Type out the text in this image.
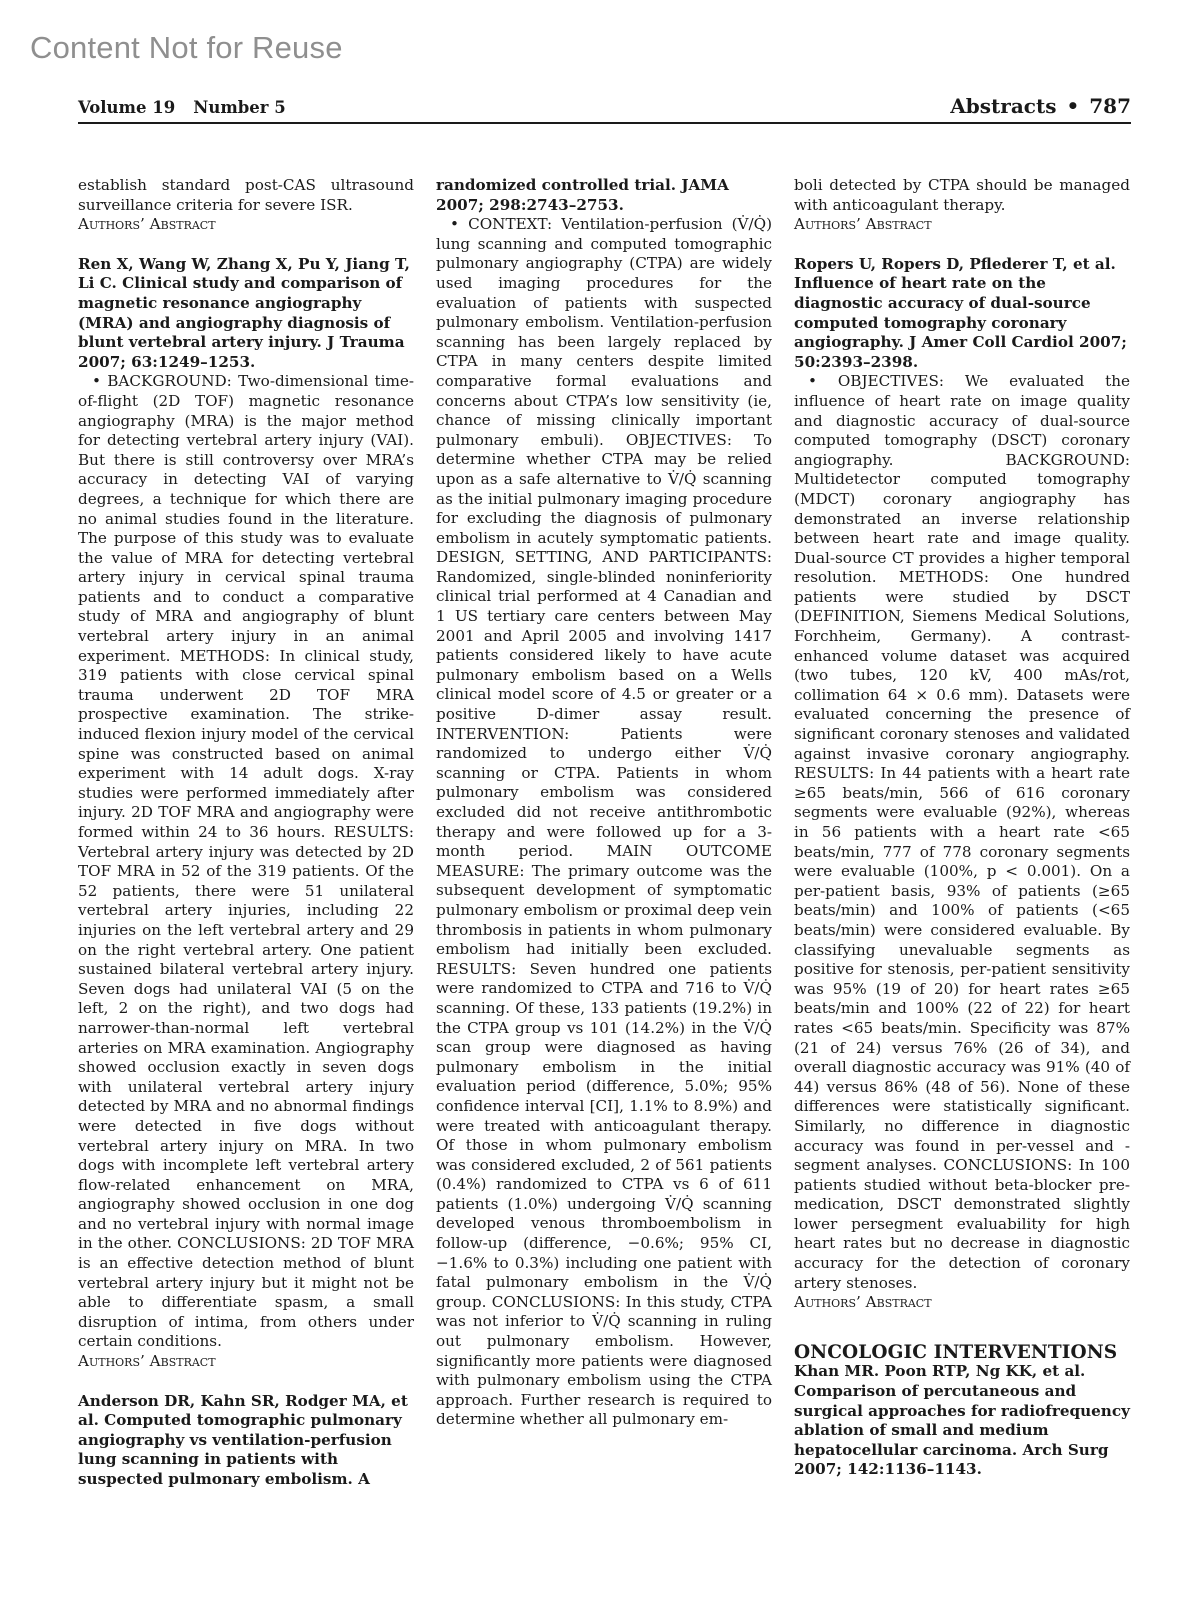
Content Not for Reuse
Volume 19 Number 5	Abstracts • 787

establish standard post-CAS ultrasound surveillance criteria for severe ISR.

Authors’ Abstract

Ren X, Wang W, Zhang X, Pu Y, Jiang T, Li C. Clinical study and comparison of magnetic resonance angiography (MRA) and angiography diagnosis of blunt vertebral artery injury. J Trauma 2007; 63:1249–1253.

• BACKGROUND: Two-dimensional time-of-flight (2D TOF) magnetic resonance angiography (MRA) is the major method for detecting vertebral artery injury (VAI). But there is still controversy over MRA’s accuracy in detecting VAI of varying degrees, a technique for which there are no animal studies found in the literature. The purpose of this study was to evaluate the value of MRA for detecting vertebral artery injury in cervical spinal trauma patients and to conduct a comparative study of MRA and angiography of blunt vertebral artery injury in an animal experiment. METHODS: In clinical study, 319 patients with close cervical spinal trauma underwent 2D TOF MRA prospective examination. The strike-induced flexion injury model of the cervical spine was constructed based on animal experiment with 14 adult dogs. X-ray studies were performed immediately after injury. 2D TOF MRA and angiography were formed within 24 to 36 hours. RESULTS: Vertebral artery injury was detected by 2D TOF MRA in 52 of the 319 patients. Of the 52 patients, there were 51 unilateral vertebral artery injuries, including 22 injuries on the left vertebral artery and 29 on the right vertebral artery. One patient sustained bilateral vertebral artery injury. Seven dogs had unilateral VAI (5 on the left, 2 on the right), and two dogs had narrower-than-normal left vertebral arteries on MRA examination. Angiography showed occlusion exactly in seven dogs with unilateral vertebral artery injury detected by MRA and no abnormal findings were detected in five dogs without vertebral artery injury on MRA. In two dogs with incomplete left vertebral artery flow-related enhancement on MRA, angiography showed occlusion in one dog and no vertebral injury with normal image in the other. CONCLUSIONS: 2D TOF MRA is an effective detection method of blunt vertebral artery injury but it might not be able to differentiate spasm, a small disruption of intima, from others under certain conditions.

Authors’ Abstract

Anderson DR, Kahn SR, Rodger MA, et al. Computed tomographic pulmonary angiography vs ventilation-perfusion lung scanning in patients with suspected pulmonary embolism. A

randomized controlled trial. JAMA 2007; 298:2743–2753.

• CONTEXT: Ventilation-perfusion (V̇/Q̇) lung scanning and computed tomographic pulmonary angiography (CTPA) are widely used imaging procedures for the evaluation of patients with suspected pulmonary embolism. Ventilation-perfusion scanning has been largely replaced by CTPA in many centers despite limited comparative formal evaluations and concerns about CTPA’s low sensitivity (ie, chance of missing clinically important pulmonary embuli). OBJECTIVES: To determine whether CTPA may be relied upon as a safe alternative to V̇/Q̇ scanning as the initial pulmonary imaging procedure for excluding the diagnosis of pulmonary embolism in acutely symptomatic patients. DESIGN, SETTING, AND PARTICIPANTS: Randomized, single-blinded noninferiority clinical trial performed at 4 Canadian and 1 US tertiary care centers between May 2001 and April 2005 and involving 1417 patients considered likely to have acute pulmonary embolism based on a Wells clinical model score of 4.5 or greater or a positive D-dimer assay result. INTERVENTION: Patients were randomized to undergo either V̇/Q̇ scanning or CTPA. Patients in whom pulmonary embolism was considered excluded did not receive antithrombotic therapy and were followed up for a 3-month period. MAIN OUTCOME MEASURE: The primary outcome was the subsequent development of symptomatic pulmonary embolism or proximal deep vein thrombosis in patients in whom pulmonary embolism had initially been excluded. RESULTS: Seven hundred one patients were randomized to CTPA and 716 to V̇/Q̇ scanning. Of these, 133 patients (19.2%) in the CTPA group vs 101 (14.2%) in the V̇/Q̇ scan group were diagnosed as having pulmonary embolism in the initial evaluation period (difference, 5.0%; 95% confidence interval [CI], 1.1% to 8.9%) and were treated with anticoagulant therapy. Of those in whom pulmonary embolism was considered excluded, 2 of 561 patients (0.4%) randomized to CTPA vs 6 of 611 patients (1.0%) undergoing V̇/Q̇ scanning developed venous thromboembolism in follow-up (difference, −0.6%; 95% CI, −1.6% to 0.3%) including one patient with fatal pulmonary embolism in the V̇/Q̇ group. CONCLUSIONS: In this study, CTPA was not inferior to V̇/Q̇ scanning in ruling out pulmonary embolism. However, significantly more patients were diagnosed with pulmonary embolism using the CTPA approach. Further research is required to determine whether all pulmonary em-

boli detected by CTPA should be managed with anticoagulant therapy.

Authors’ Abstract

Ropers U, Ropers D, Pflederer T, et al. Influence of heart rate on the diagnostic accuracy of dual-source computed tomography coronary angiography. J Amer Coll Cardiol 2007; 50:2393–2398.

• OBJECTIVES: We evaluated the influence of heart rate on image quality and diagnostic accuracy of dual-source computed tomography (DSCT) coronary angiography. BACKGROUND: Multidetector computed tomography (MDCT) coronary angiography has demonstrated an inverse relationship between heart rate and image quality. Dual-source CT provides a higher temporal resolution. METHODS: One hundred patients were studied by DSCT (DEFINITION, Siemens Medical Solutions, Forchheim, Germany). A contrast-enhanced volume dataset was acquired (two tubes, 120 kV, 400 mAs/rot, collimation 64 × 0.6 mm). Datasets were evaluated concerning the presence of significant coronary stenoses and validated against invasive coronary angiography. RESULTS: In 44 patients with a heart rate ≥65 beats/min, 566 of 616 coronary segments were evaluable (92%), whereas in 56 patients with a heart rate <65 beats/min, 777 of 778 coronary segments were evaluable (100%, p < 0.001). On a per-patient basis, 93% of patients (≥65 beats/min) and 100% of patients (<65 beats/min) were considered evaluable. By classifying unevaluable segments as positive for stenosis, per-patient sensitivity was 95% (19 of 20) for heart rates ≥65 beats/min and 100% (22 of 22) for heart rates <65 beats/min. Specificity was 87% (21 of 24) versus 76% (26 of 34), and overall diagnostic accuracy was 91% (40 of 44) versus 86% (48 of 56). None of these differences were statistically significant. Similarly, no difference in diagnostic accuracy was found in per-vessel and -segment analyses. CONCLUSIONS: In 100 patients studied without beta-blocker pre-medication, DSCT demonstrated slightly lower persegment evaluability for high heart rates but no decrease in diagnostic accuracy for the detection of coronary artery stenoses.

Authors’ Abstract

ONCOLOGIC INTERVENTIONS

Khan MR. Poon RTP, Ng KK, et al. Comparison of percutaneous and surgical approaches for radiofrequency ablation of small and medium hepatocellular carcinoma. Arch Surg 2007; 142:1136–1143.
